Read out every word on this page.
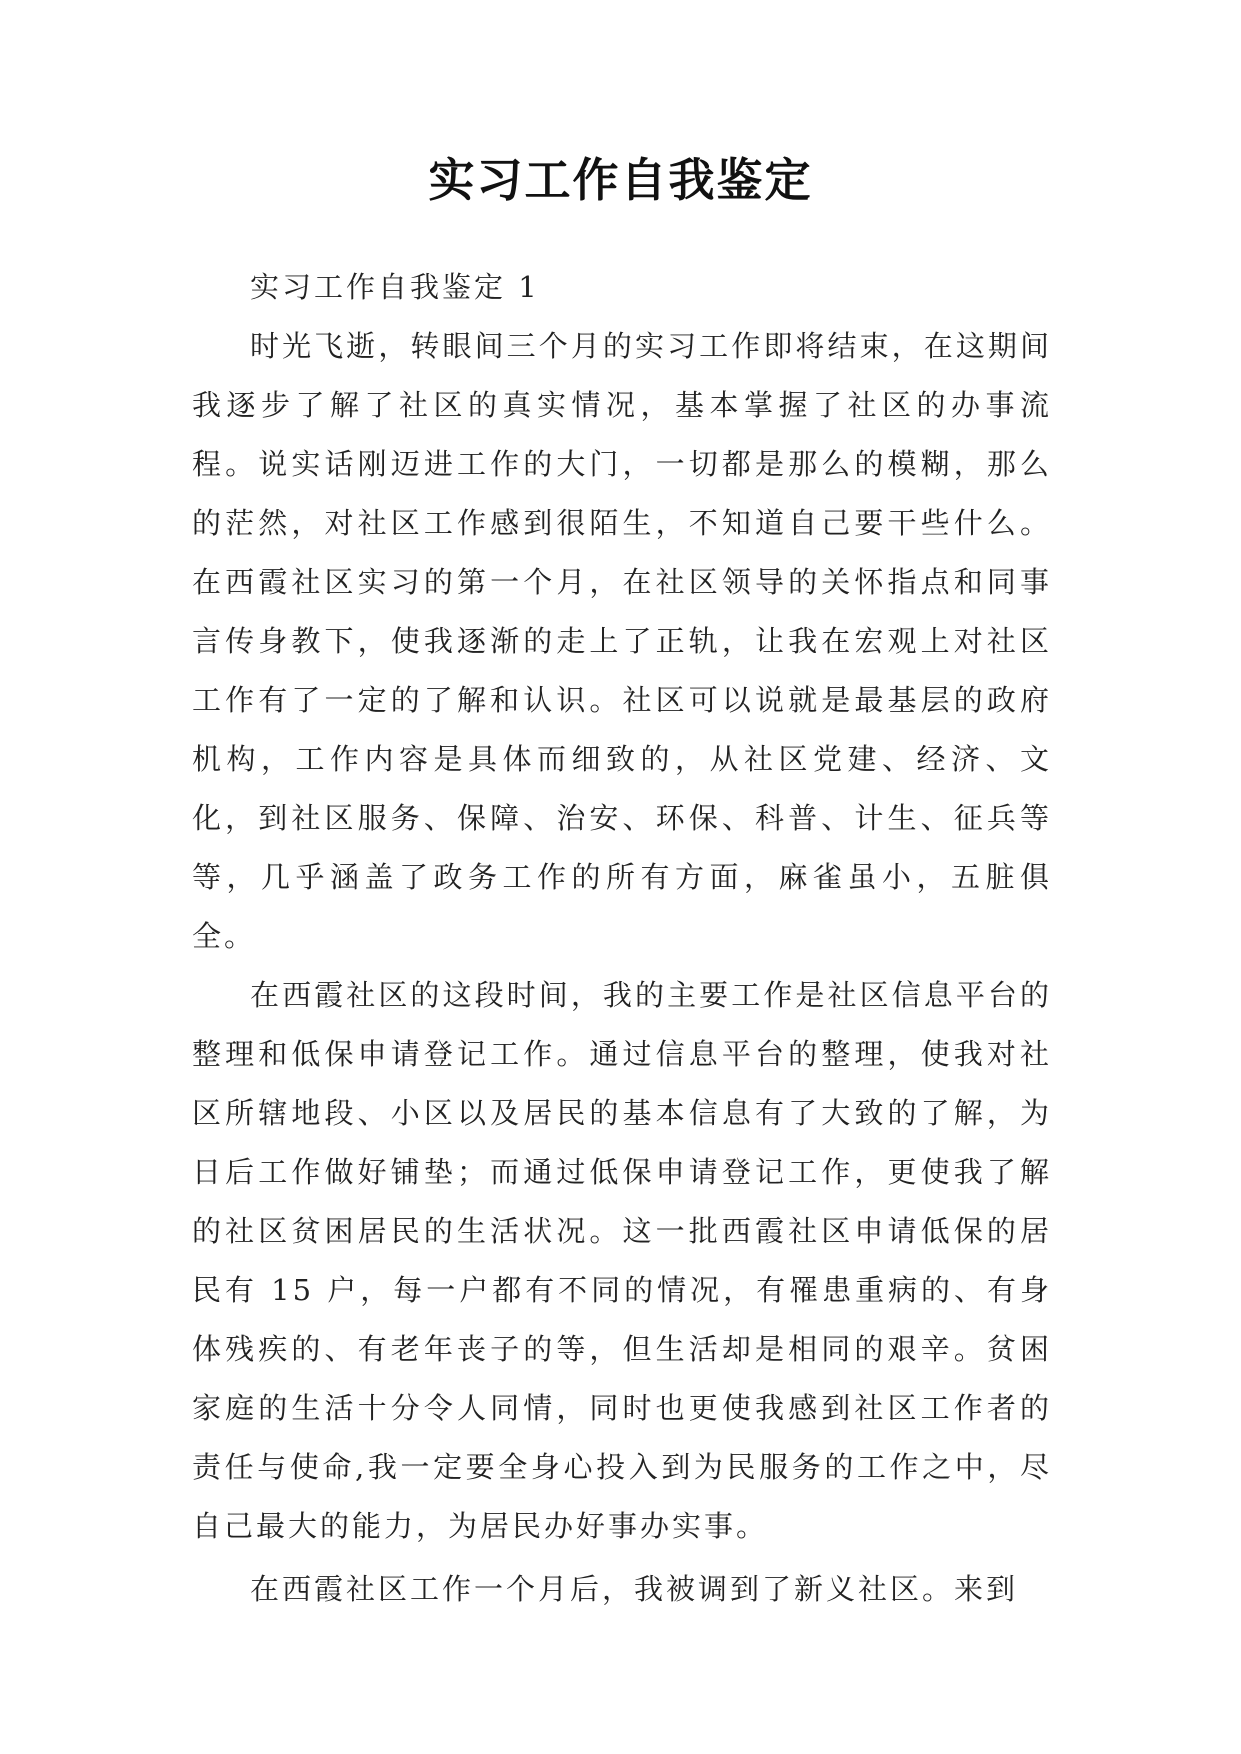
实习工作自我鉴定

实习工作自我鉴定 1

时光飞逝，转眼间三个月的实习工作即将结束，在这期间我逐步了解了社区的真实情况，基本掌握了社区的办事流程。说实话刚迈进工作的大门，一切都是那么的模糊，那么的茫然，对社区工作感到很陌生，不知道自己要干些什么。在西霞社区实习的第一个月，在社区领导的关怀指点和同事言传身教下，使我逐渐的走上了正轨，让我在宏观上对社区工作有了一定的了解和认识。社区可以说就是最基层的政府机构，工作内容是具体而细致的，从社区党建、经济、文化，到社区服务、保障、治安、环保、科普、计生、征兵等等，几乎涵盖了政务工作的所有方面，麻雀虽小，五脏俱全。

在西霞社区的这段时间，我的主要工作是社区信息平台的整理和低保申请登记工作。通过信息平台的整理，使我对社区所辖地段、小区以及居民的基本信息有了大致的了解，为日后工作做好铺垫；而通过低保申请登记工作，更使我了解的社区贫困居民的生活状况。这一批西霞社区申请低保的居民有 15 户，每一户都有不同的情况，有罹患重病的、有身体残疾的、有老年丧子的等，但生活却是相同的艰辛。贫困家庭的生活十分令人同情，同时也更使我感到社区工作者的责任与使命,我一定要全身心投入到为民服务的工作之中，尽自己最大的能力，为居民办好事办实事。

在西霞社区工作一个月后，我被调到了新义社区。来到
